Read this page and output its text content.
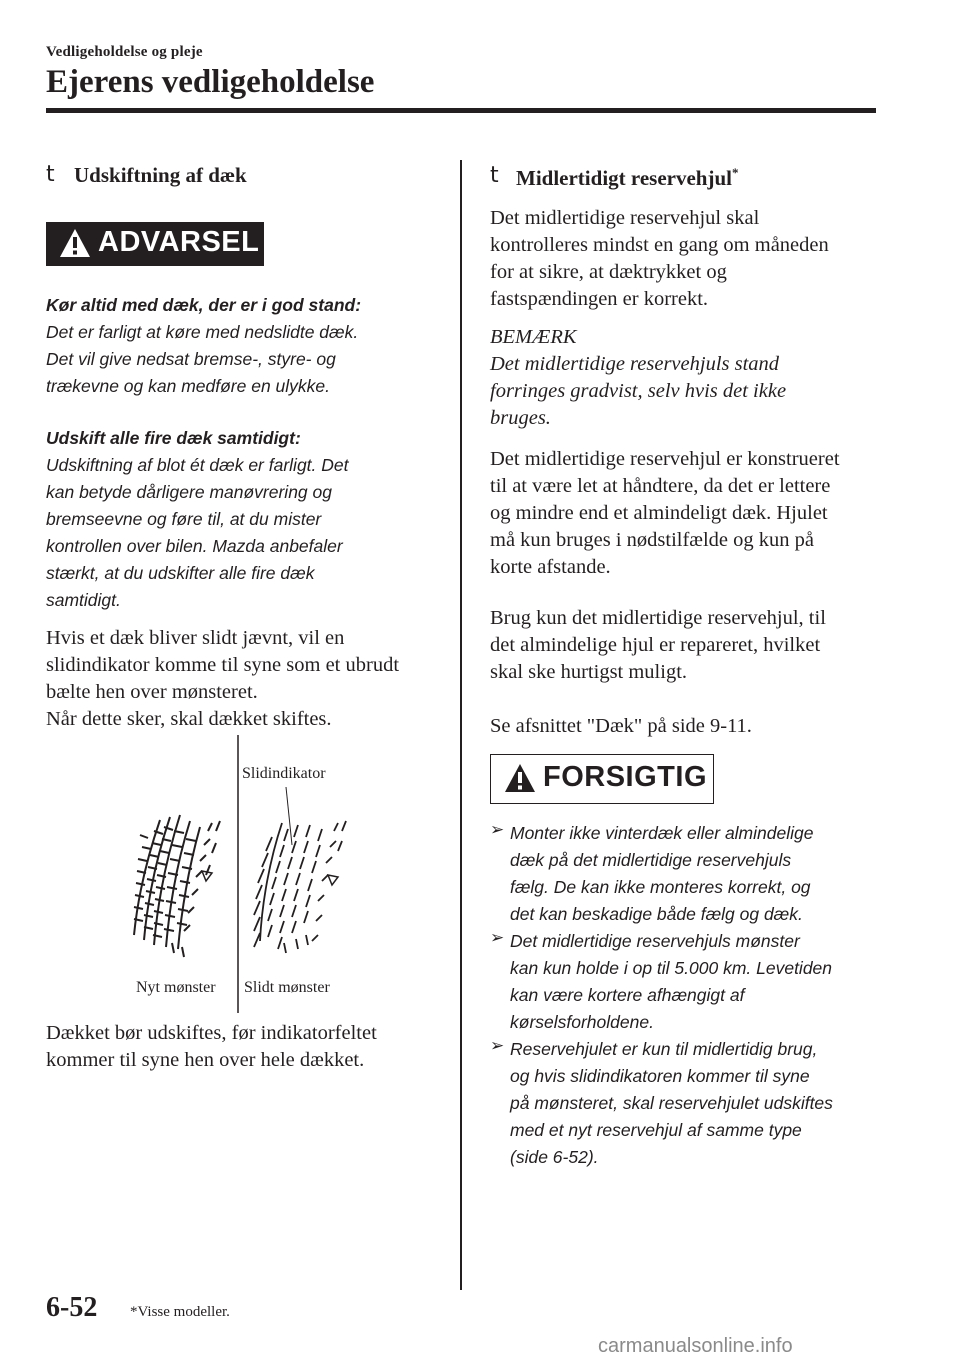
Vedligeholdelse og pleje
Ejerens vedligeholdelse
t Udskiftning af dæk
ADVARSEL
Kør altid med dæk, der er i god stand:
Det er farligt at køre med nedslidte dæk.
Det vil give nedsat bremse-, styre- og
trækevne og kan medføre en ulykke.
Udskift alle fire dæk samtidigt:
Udskiftning af blot ét dæk er farligt. Det
kan betyde dårligere manøvrering og
bremseevne og føre til, at du mister
kontrollen over bilen. Mazda anbefaler
stærkt, at du udskifter alle fire dæk
samtidigt.
Hvis et dæk bliver slidt jævnt, vil en
slidindikator komme til syne som et ubrudt
bælte hen over mønsteret.
Når dette sker, skal dækket skiftes.
Slidindikator
Nyt mønster Slidt mønster
Dækket bør udskiftes, før indikatorfeltet
kommer til syne hen over hele dækket.
t Midlertidigt reservehjul*
Det midlertidige reservehjul skal
kontrolleres mindst en gang om måneden
for at sikre, at dæktrykket og
fastspændingen er korrekt.
BEMÆRK
Det midlertidige reservehjuls stand
forringes gradvist, selv hvis det ikke
bruges.
Det midlertidige reservehjul er konstrueret
til at være let at håndtere, da det er lettere
og mindre end et almindeligt dæk. Hjulet
må kun bruges i nødstilfælde og kun på
korte afstande.
Brug kun det midlertidige reservehjul, til
det almindelige hjul er repareret, hvilket
skal ske hurtigst muligt.
Se afsnittet "Dæk" på side 9-11.
FORSIGTIG
➢ Monter ikke vinterdæk eller almindelige
dæk på det midlertidige reservehjuls
fælg. De kan ikke monteres korrekt, og
det kan beskadige både fælg og dæk.
➢ Det midlertidige reservehjuls mønster
kan kun holde i op til 5.000 km. Levetiden
kan være kortere afhængigt af
kørselsforholdene.
➢ Reservehjulet er kun til midlertidig brug,
og hvis slidindikatoren kommer til syne
på mønsteret, skal reservehjulet udskiftes
med et nyt reservehjul af samme type
(side 6-52).
6-52 *Visse modeller.
carmanualsonline.info
